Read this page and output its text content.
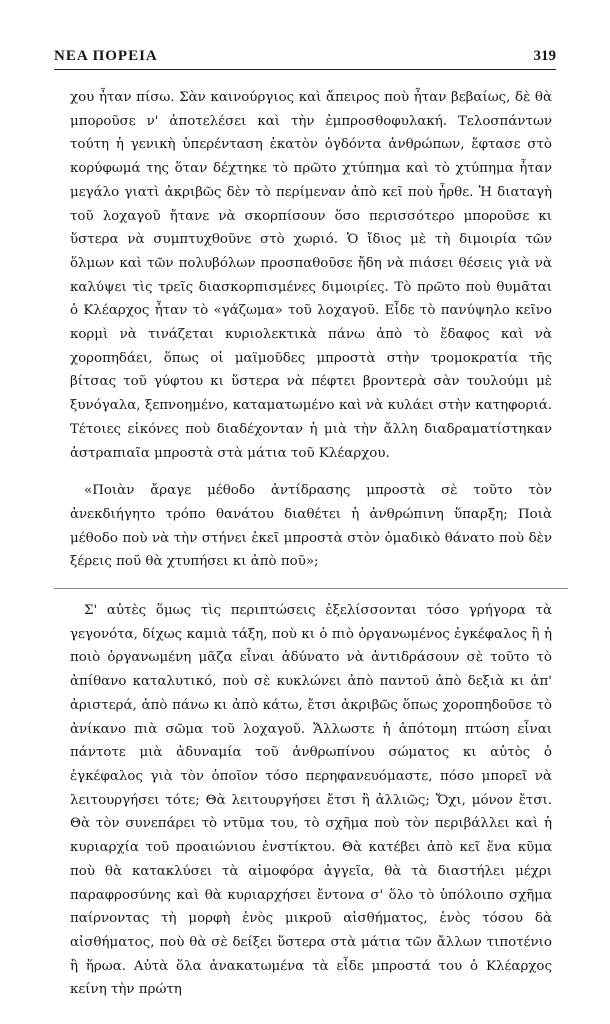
ΝΕΑ ΠΟΡΕΙΑ	319

χου ἦταν πίσω. Σὰν καινούργιος καὶ ἄπειρος ποὺ ἦταν βεβαίως, δὲ θὰ μποροῦσε ν' ἀποτελέσει καὶ τὴν ἐμπροσθοφυλακή. Τελοσπάντων τούτη ἡ γενικὴ ὑπερένταση ἑκατὸν ὀγδόντα ἀνθρώπων, ἔφτασε στὸ κορύφωμά της ὅταν δέχτηκε τὸ πρῶτο χτύπημα καὶ τὸ χτύπημα ἦταν μεγάλο γιατὶ ἀκριβῶς δὲν τὸ περίμεναν ἀπὸ κεῖ ποὺ ἦρθε. Ἡ διαταγὴ τοῦ λοχαγοῦ ἤτανε νὰ σκορπίσουν ὅσο περισσότερο μποροῦσε κι ὕστερα νὰ συμπτυχθοῦνε στὸ χωριό. Ὁ ἴδιος μὲ τὴ διμοιρία τῶν ὅλμων καὶ τῶν πολυβόλων προσπαθοῦσε ἤδη νὰ πιάσει θέσεις γιὰ νὰ καλύψει τὶς τρεῖς διασκορπισμένες διμοιρίες. Τὸ πρῶτο ποὺ θυμᾶται ὁ Κλέαρχος ἦταν τὸ «γάζωμα» τοῦ λοχαγοῦ. Εἶδε τὸ πανύψηλο κεῖνο κορμὶ νὰ τινάζεται κυριολεκτικὰ πάνω ἀπὸ τὸ ἔδαφος καὶ νὰ χοροπηδάει, ὅπως οἱ μαϊμοῦδες μπροστὰ στὴν τρομοκρατία τῆς βίτσας τοῦ γύφτου κι ὕστερα νὰ πέφτει βροντερὰ σὰν τουλούμι μὲ ξυνόγαλα, ξεπνοημένο, καταματωμένο καὶ νὰ κυλάει στὴν κατηφοριά. Τέτοιες εἰκόνες ποὺ διαδέχονταν ἡ μιὰ τὴν ἄλλη διαδραματίστηκαν ἀστραπιαῖα μπροστὰ στὰ μάτια τοῦ Κλέαρχου.

«Ποιὰν ἄραγε μέθοδο ἀντίδρασης μπροστὰ σὲ τοῦτο τὸν ἀνεκδιήγητο τρόπο θανάτου διαθέτει ἡ ἀνθρώπινη ὕπαρξη; Ποιὰ μέθοδο ποὺ νὰ τὴν στήνει ἐκεῖ μπροστὰ στὸν ὁμαδικὸ θάνατο ποὺ δὲν ξέρεις ποῦ θὰ χτυπήσει κι ἀπὸ ποῦ»;

Σ' αὐτὲς ὅμως τὶς περιπτώσεις ἐξελίσσονται τόσο γρήγορα τὰ γεγονότα, δίχως καμιὰ τάξη, ποὺ κι ὁ πιὸ ὀργανωμένος ἐγκέφαλος ἢ ἡ ποιὸ ὀργανωμένη μᾶζα εἶναι ἀδύνατο νὰ ἀντιδράσουν σὲ τοῦτο τὸ ἀπίθανο καταλυτικό, ποὺ σὲ κυκλώνει ἀπὸ παντοῦ ἀπὸ δεξιὰ κι ἀπ' ἀριστερά, ἀπὸ πάνω κι ἀπὸ κάτω, ἔτσι ἀκριβῶς ὅπως χοροπηδοῦσε τὸ ἀνίκανο πιὰ σῶμα τοῦ λοχαγοῦ. Ἄλλωστε ἡ ἀπότομη πτώση εἶναι πάντοτε μιὰ ἀδυναμία τοῦ ἀνθρωπίνου σώματος κι αὐτὸς ὁ ἐγκέφαλος γιὰ τὸν ὁποῖον τόσο περηφανευόμαστε, πόσο μπορεῖ νὰ λειτουργήσει τότε; Θὰ λειτουργήσει ἔτσι ἢ ἀλλιῶς; Ὄχι, μόνον ἔτσι. Θὰ τὸν συνεπάρει τὸ ντῦμα του, τὸ σχῆμα ποὺ τὸν περιβάλλει καὶ ἡ κυριαρχία τοῦ προαιώνιου ἐνστίκτου. Θὰ κατέβει ἀπὸ κεῖ ἕνα κῦμα ποὺ θὰ κατακλύσει τὰ αἱμοφόρα ἀγγεῖα, θὰ τὰ διαστήλει μέχρι παραφροσύνης καὶ θὰ κυριαρχήσει ἔντονα σ' ὅλο τὸ ὑπόλοιπο σχῆμα παίρνοντας τὴ μορφὴ ἑνὸς μικροῦ αἰσθήματος, ἑνὸς τόσου δὰ αἰσθήματος, ποὺ θὰ σὲ δείξει ὕστερα στὰ μάτια τῶν ἄλλων τιποτένιο ἢ ἥρωα. Αὐτὰ ὅλα ἀνακατωμένα τὰ εἶδε μπροστά του ὁ Κλέαρχος κείνη τὴν πρώτη
